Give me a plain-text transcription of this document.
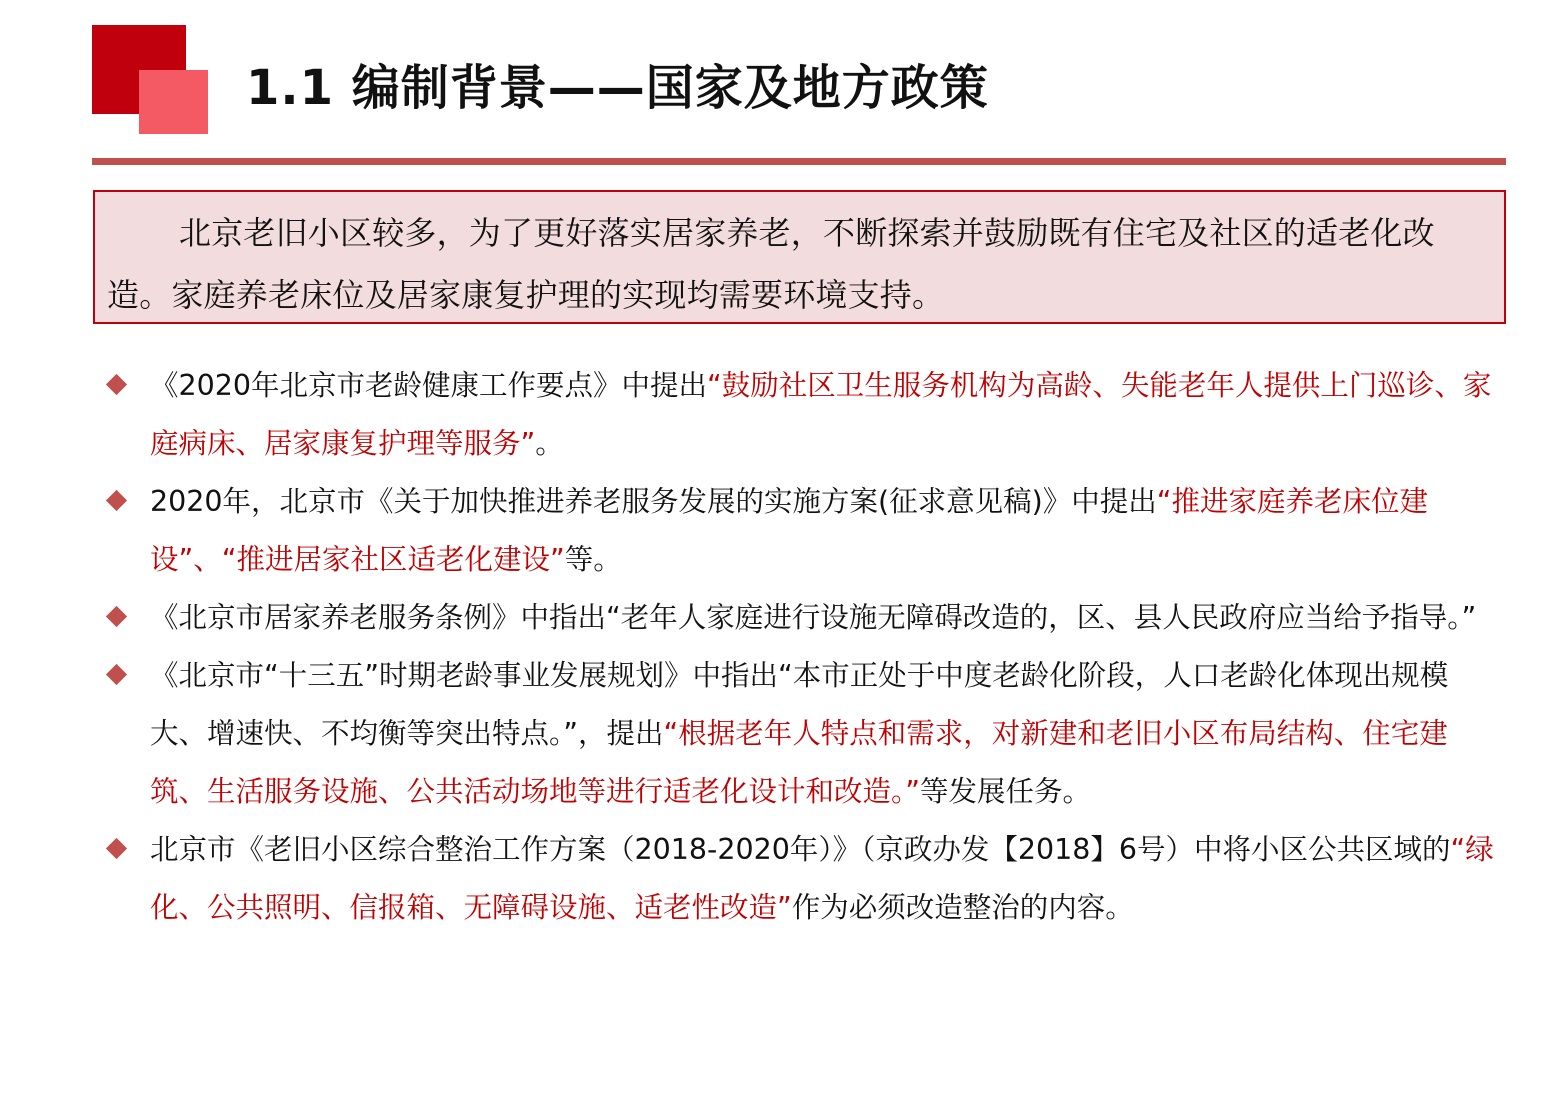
1.1 编制背景——国家及地方政策

北京老旧小区较多，为了更好落实居家养老，不断探索并鼓励既有住宅及社区的适老化改造。家庭养老床位及居家康复护理的实现均需要环境支持。

《2020年北京市老龄健康工作要点》中提出“鼓励社区卫生服务机构为高龄、失能老年人提供上门巡诊、家庭病床、居家康复护理等服务”。
2020年，北京市《关于加快推进养老服务发展的实施方案(征求意见稿)》中提出“推进家庭养老床位建设”、“推进居家社区适老化建设”等。
《北京市居家养老服务条例》中指出“老年人家庭进行设施无障碍改造的，区、县人民政府应当给予指导。”
《北京市“十三五”时期老龄事业发展规划》中指出“本市正处于中度老龄化阶段，人口老龄化体现出规模大、增速快、不均衡等突出特点。”，提出“根据老年人特点和需求，对新建和老旧小区布局结构、住宅建筑、生活服务设施、公共活动场地等进行适老化设计和改造。”等发展任务。
北京市《老旧小区综合整治工作方案（2018-2020年）》（京政办发【2018】6号）中将小区公共区域的“绿化、公共照明、信报箱、无障碍设施、适老性改造”作为必须改造整治的内容。
